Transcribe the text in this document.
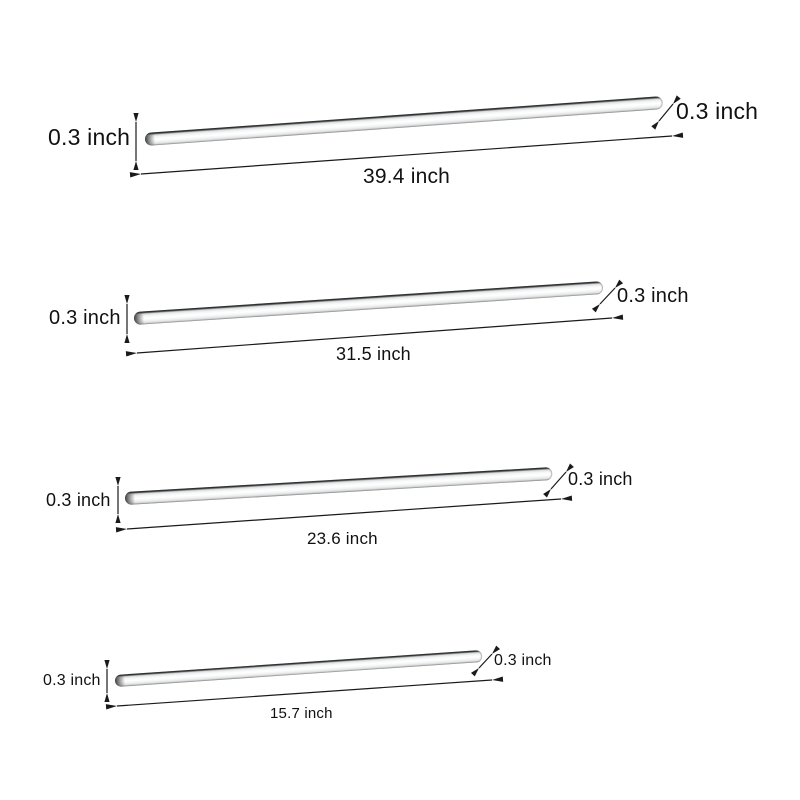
0.3 inch
0.3 inch
39.4 inch
0.3 inch
0.3 inch
31.5 inch
0.3 inch
0.3 inch
23.6 inch
0.3 inch
0.3 inch
15.7 inch
